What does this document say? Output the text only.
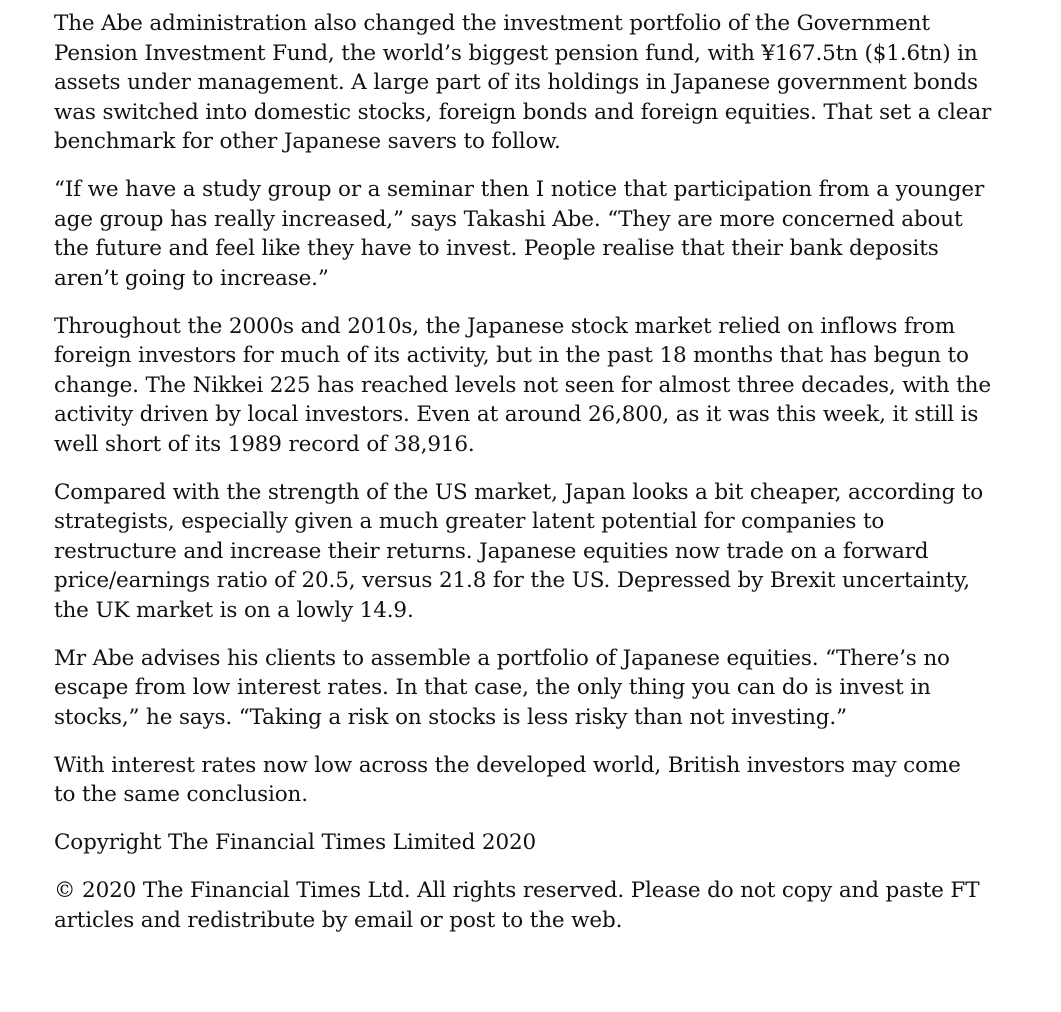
The Abe administration also changed the investment portfolio of the Government
Pension Investment Fund, the world’s biggest pension fund, with ¥167.5tn ($1.6tn) in
assets under management. A large part of its holdings in Japanese government bonds
was switched into domestic stocks, foreign bonds and foreign equities. That set a clear
benchmark for other Japanese savers to follow.

“If we have a study group or a seminar then I notice that participation from a younger
age group has really increased,” says Takashi Abe. “They are more concerned about
the future and feel like they have to invest. People realise that their bank deposits
aren’t going to increase.”

Throughout the 2000s and 2010s, the Japanese stock market relied on inflows from
foreign investors for much of its activity, but in the past 18 months that has begun to
change. The Nikkei 225 has reached levels not seen for almost three decades, with the
activity driven by local investors. Even at around 26,800, as it was this week, it still is
well short of its 1989 record of 38,916.

Compared with the strength of the US market, Japan looks a bit cheaper, according to
strategists, especially given a much greater latent potential for companies to
restructure and increase their returns. Japanese equities now trade on a forward
price/earnings ratio of 20.5, versus 21.8 for the US. Depressed by Brexit uncertainty,
the UK market is on a lowly 14.9.

Mr Abe advises his clients to assemble a portfolio of Japanese equities. “There’s no
escape from low interest rates. In that case, the only thing you can do is invest in
stocks,” he says. “Taking a risk on stocks is less risky than not investing.”

With interest rates now low across the developed world, British investors may come
to the same conclusion.

Copyright The Financial Times Limited 2020

© 2020 The Financial Times Ltd. All rights reserved. Please do not copy and paste FT
articles and redistribute by email or post to the web.
